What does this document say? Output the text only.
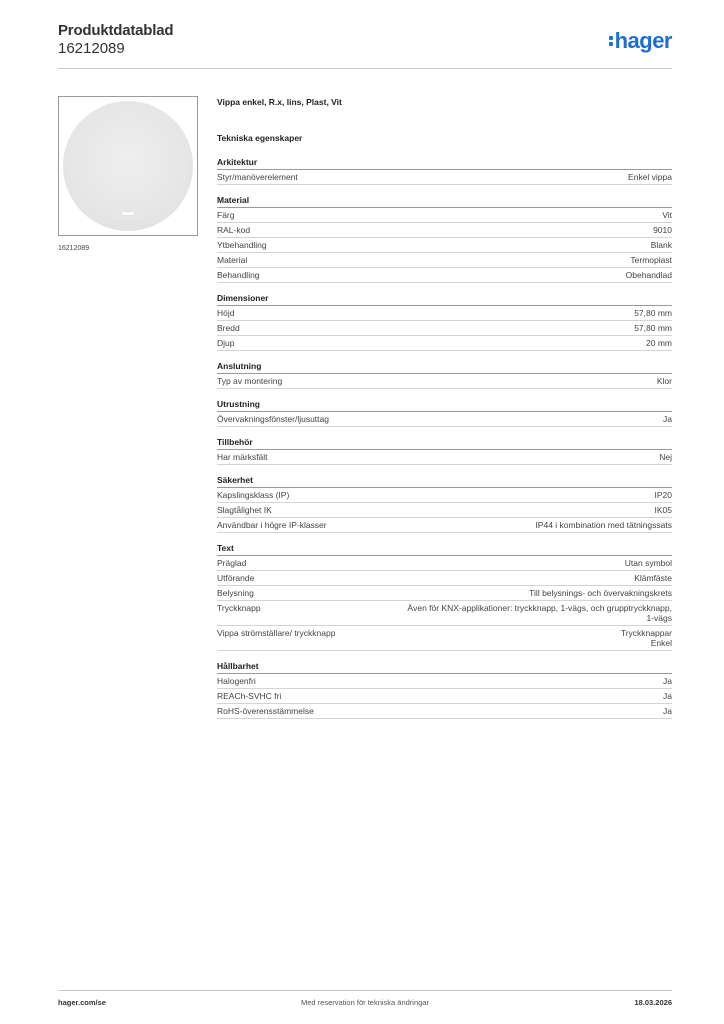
Produktdatablad
16212089	hager
16212089
Vippa enkel, R.x, lins, Plast, Vit
Tekniska egenskaper
Arkitektur
Styr/manöverelement	Enkel vippa
Material
Färg	Vit
RAL-kod	9010
Ytbehandling	Blank
Material	Termoplast
Behandling	Obehandlad
Dimensioner
Höjd	57,80 mm
Bredd	57,80 mm
Djup	20 mm
Anslutning
Typ av montering	Klor
Utrustning
Övervakningsfönster/ljusuttag	Ja
Tillbehör
Har märksfält	Nej
Säkerhet
Kapslingsklass (IP)	IP20
Slagtålighet IK	IK05
Användbar i högre IP-klasser	IP44 i kombination med tätningssats
Text
Präglad	Utan symbol
Utförande	Klämfäste
Belysning	Till belysnings- och övervakningskrets
Tryckknapp	Även för KNX-applikationer: tryckknapp, 1-vägs, och grupptryckknapp,
1-vägs
Vippa strömställare/ tryckknapp	Tryckknappar
Enkel
Hållbarhet
Halogenfri	Ja
REACh-SVHC fri	Ja
RoHS-överensstämmelse	Ja
hager.com/se	Med reservation för tekniska ändringar	18.03.2026
